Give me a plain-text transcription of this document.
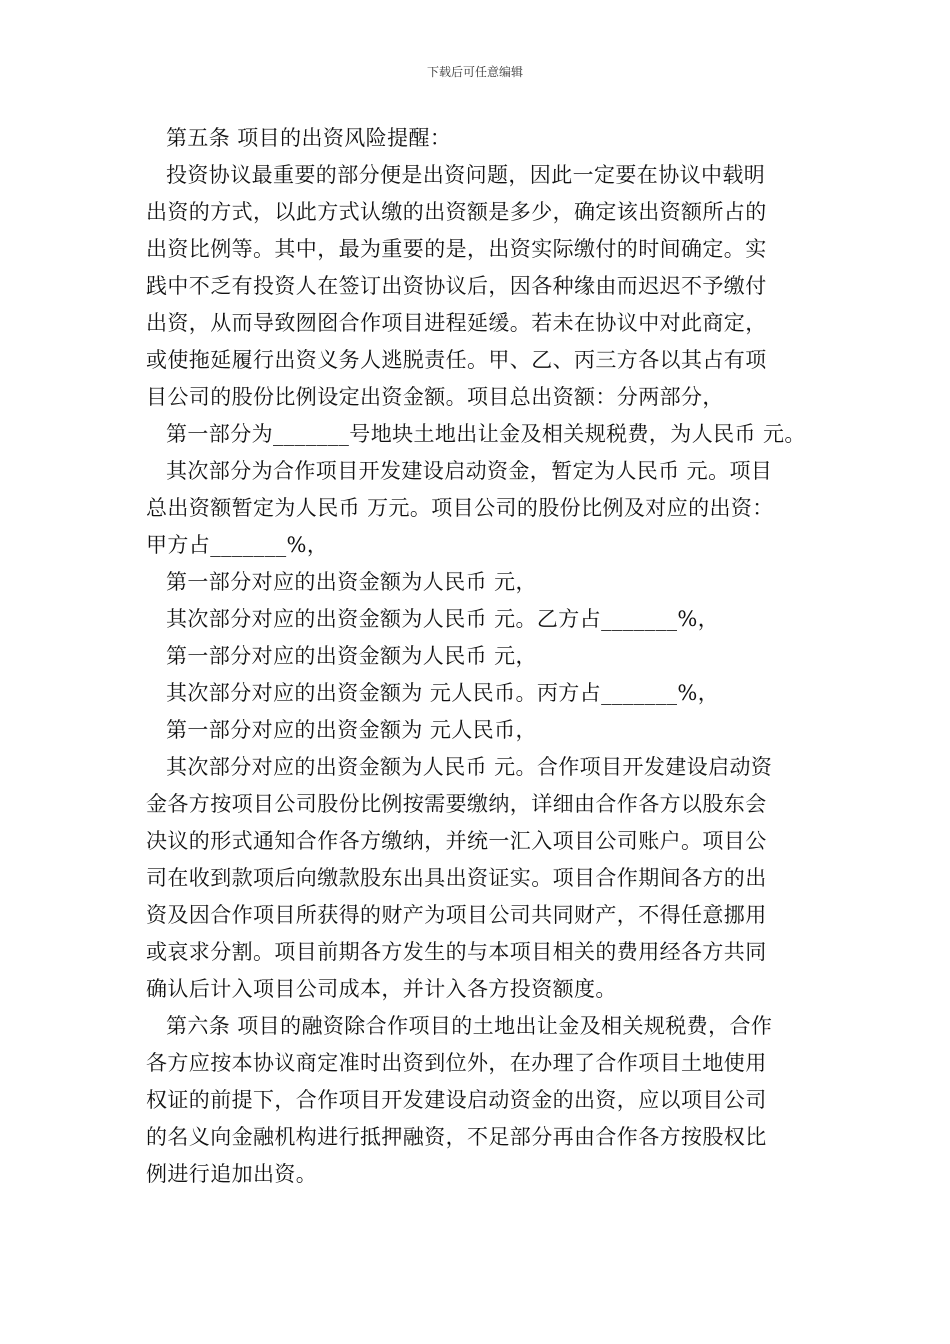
下载后可任意编辑
第五条 项目的出资风险提醒：
投资协议最重要的部分便是出资问题，因此一定要在协议中载明
出资的方式，以此方式认缴的出资额是多少，确定该出资额所占的
出资比例等。其中，最为重要的是，出资实际缴付的时间确定。实
践中不乏有投资人在签订出资协议后，因各种缘由而迟迟不予缴付
出资，从而导致囫囵合作项目进程延缓。若未在协议中对此商定，
或使拖延履行出资义务人逃脱责任。甲、乙、丙三方各以其占有项
目公司的股份比例设定出资金额。项目总出资额：分两部分，
第一部分为_______号地块土地出让金及相关规税费，为人民币 元。
其次部分为合作项目开发建设启动资金，暂定为人民币 元。项目
总出资额暂定为人民币 万元。项目公司的股份比例及对应的出资：
甲方占_______%，
第一部分对应的出资金额为人民币 元，
其次部分对应的出资金额为人民币 元。乙方占_______%，
第一部分对应的出资金额为人民币 元，
其次部分对应的出资金额为 元人民币。丙方占_______%，
第一部分对应的出资金额为 元人民币，
其次部分对应的出资金额为人民币 元。合作项目开发建设启动资
金各方按项目公司股份比例按需要缴纳，详细由合作各方以股东会
决议的形式通知合作各方缴纳，并统一汇入项目公司账户。项目公
司在收到款项后向缴款股东出具出资证实。项目合作期间各方的出
资及因合作项目所获得的财产为项目公司共同财产，不得任意挪用
或哀求分割。项目前期各方发生的与本项目相关的费用经各方共同
确认后计入项目公司成本，并计入各方投资额度。
第六条 项目的融资除合作项目的土地出让金及相关规税费，合作
各方应按本协议商定准时出资到位外，在办理了合作项目土地使用
权证的前提下，合作项目开发建设启动资金的出资，应以项目公司
的名义向金融机构进行抵押融资，不足部分再由合作各方按股权比
例进行追加出资。
